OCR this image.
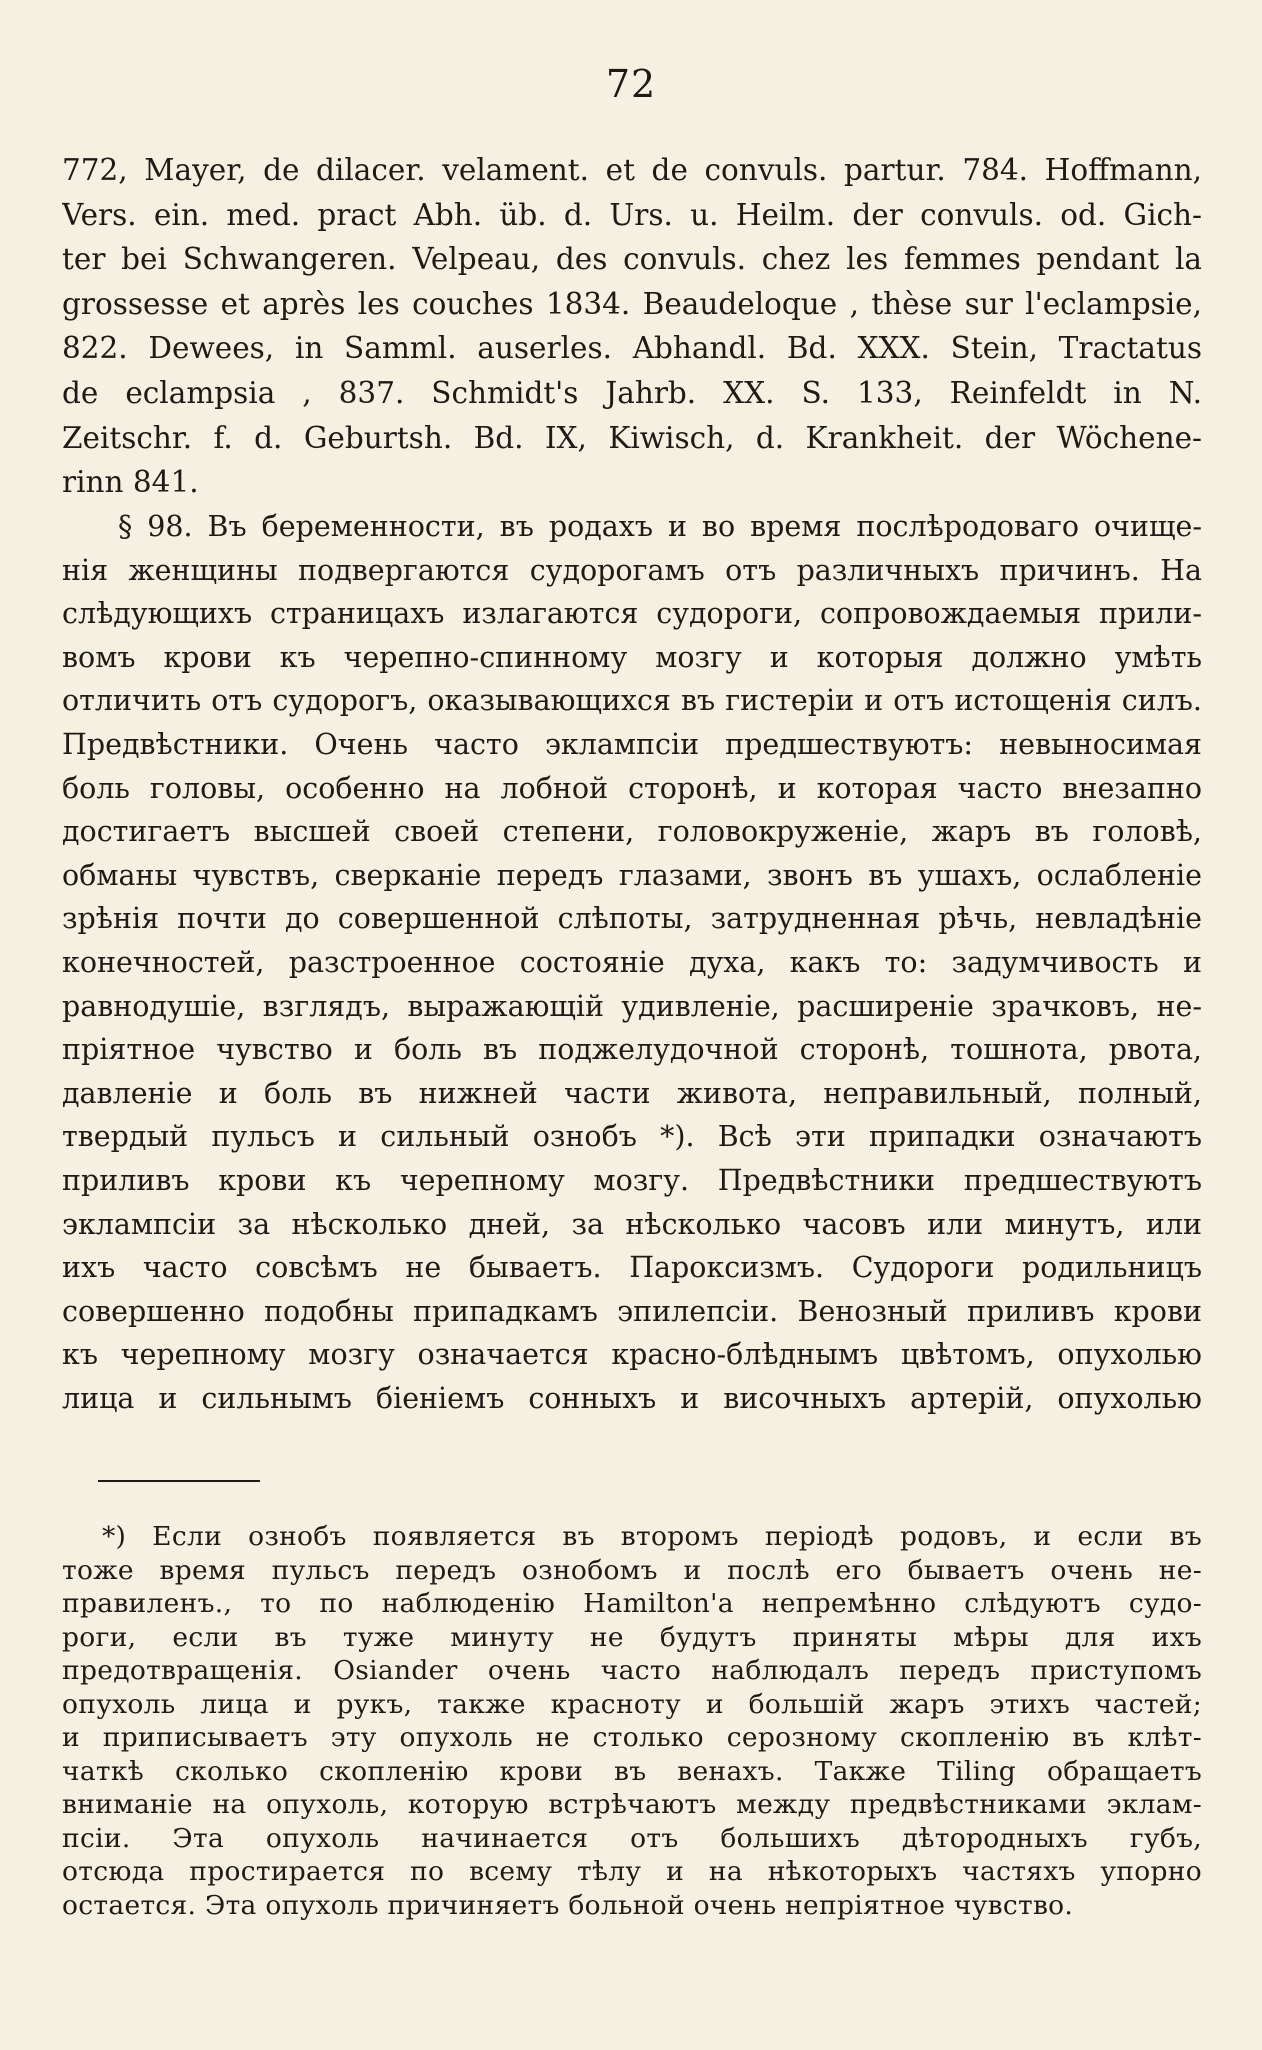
72
772, Mayer, de dilacer. velament. et de convuls. partur. 784. Hoffmann,
Vers. ein. med. pract Abh. üb. d. Urs. u. Heilm. der convuls. od. Gich-
ter bei Schwangeren. Velpeau, des convuls. chez les femmes pendant la
grossesse et après les couches 1834. Beaudeloque , thèse sur l'eclampsie,
822. Dewees, in Samml. auserles. Abhandl. Bd. XXX. Stein, Tractatus
de eclampsia , 837. Schmidt's Jahrb. XX. S. 133, Reinfeldt in N.
Zeitschr. f. d. Geburtsh. Bd. IX, Kiwisch, d. Krankheit. der Wöchene-
rinn 841.
§ 98. Въ беременности, въ родахъ и во время послѣродоваго очище-
нія женщины подвергаются судорогамъ отъ различныхъ причинъ. На
слѣдующихъ страницахъ излагаются судороги, сопровождаемыя прили-
вомъ крови къ черепно-спинному мозгу и которыя должно умѣть
отличить отъ судорогъ, оказывающихся въ гистеріи и отъ истощенія силъ.
Предвѣстники. Очень часто эклампсіи предшествуютъ: невыносимая
боль головы, особенно на лобной сторонѣ, и которая часто внезапно
достигаетъ высшей своей степени, головокруженіе, жаръ въ головѣ,
обманы чувствъ, сверканіе передъ глазами, звонъ въ ушахъ, ослабленіе
зрѣнія почти до совершенной слѣпоты, затрудненная рѣчь, невладѣніе
конечностей, разстроенное состояніе духа, какъ то: задумчивость и
равнодушіе, взглядъ, выражающій удивленіе, расширеніе зрачковъ, не-
пріятное чувство и боль въ поджелудочной сторонѣ, тошнота, рвота,
давленіе и боль въ нижней части живота, неправильный, полный,
твердый пульсъ и сильный ознобъ *). Всѣ эти припадки означаютъ
приливъ крови къ черепному мозгу. Предвѣстники предшествуютъ
эклампсіи за нѣсколько дней, за нѣсколько часовъ или минутъ, или
ихъ часто совсѣмъ не бываетъ. Пароксизмъ. Судороги родильницъ
совершенно подобны припадкамъ эпилепсіи. Венозный приливъ крови
къ черепному мозгу означается красно-блѣднымъ цвѣтомъ, опухолью
лица и сильнымъ біеніемъ сонныхъ и височныхъ артерій, опухолью
*) Если ознобъ появляется въ второмъ періодѣ родовъ, и если въ
тоже время пульсъ передъ ознобомъ и послѣ его бываетъ очень не-
правиленъ., то по наблюденію Hamilton'a непремѣнно слѣдуютъ судо-
роги, если въ туже минуту не будутъ приняты мѣры для ихъ
предотвращенія. Osiander очень часто наблюдалъ передъ приступомъ
опухоль лица и рукъ, также красноту и большій жаръ этихъ частей;
и приписываетъ эту опухоль не столько серозному скопленію въ клѣт-
чаткѣ сколько скопленію крови въ венахъ. Также Tiling обращаетъ
вниманіе на опухоль, которую встрѣчаютъ между предвѣстниками эклам-
псіи. Эта опухоль начинается отъ большихъ дѣтородныхъ губъ,
отсюда простирается по всему тѣлу и на нѣкоторыхъ частяхъ упорно
остается. Эта опухоль причиняетъ больной очень непріятное чувство.
